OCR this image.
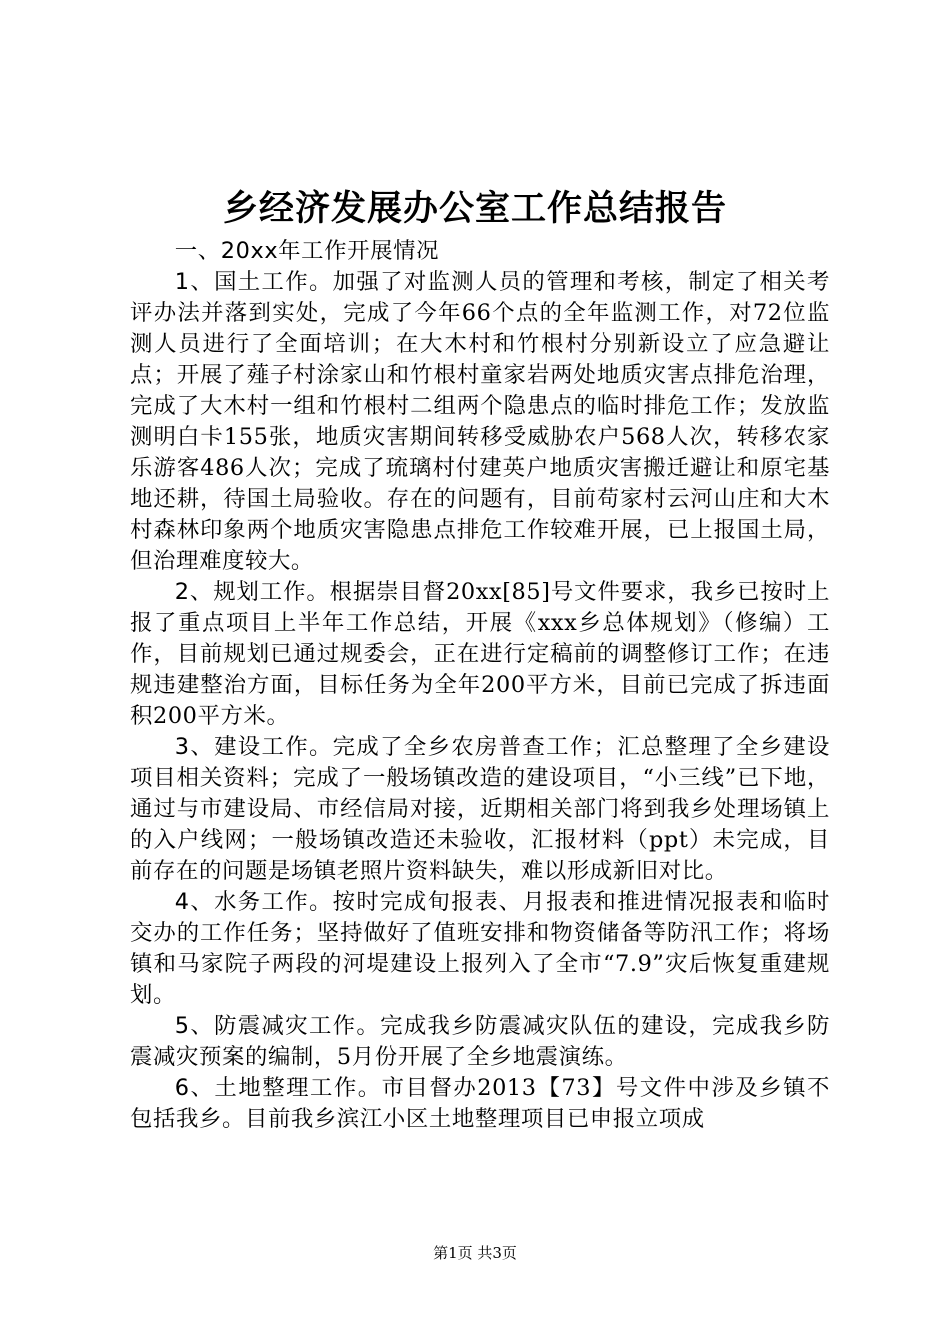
乡经济发展办公室工作总结报告

一、20xx年工作开展情况

1、国土工作。加强了对监测人员的管理和考核，制定了相关考评办法并落到实处，完成了今年66个点的全年监测工作，对72位监测人员进行了全面培训；在大木村和竹根村分别新设立了应急避让点；开展了薤子村涂家山和竹根村童家岩两处地质灾害点排危治理，完成了大木村一组和竹根村二组两个隐患点的临时排危工作；发放监测明白卡155张，地质灾害期间转移受威胁农户568人次，转移农家乐游客486人次；完成了琉璃村付建英户地质灾害搬迁避让和原宅基地还耕，待国土局验收。存在的问题有，目前苟家村云河山庄和大木村森林印象两个地质灾害隐患点排危工作较难开展，已上报国土局，但治理难度较大。

2、规划工作。根据崇目督20xx[85]号文件要求，我乡已按时上报了重点项目上半年工作总结，开展《xxx乡总体规划》（修编）工作，目前规划已通过规委会，正在进行定稿前的调整修订工作；在违规违建整治方面，目标任务为全年200平方米，目前已完成了拆违面积200平方米。

3、建设工作。完成了全乡农房普查工作；汇总整理了全乡建设项目相关资料；完成了一般场镇改造的建设项目，“小三线”已下地，通过与市建设局、市经信局对接，近期相关部门将到我乡处理场镇上的入户线网；一般场镇改造还未验收，汇报材料（ppt）未完成，目前存在的问题是场镇老照片资料缺失，难以形成新旧对比。

4、水务工作。按时完成旬报表、月报表和推进情况报表和临时交办的工作任务；坚持做好了值班安排和物资储备等防汛工作；将场镇和马家院子两段的河堤建设上报列入了全市“7.9”灾后恢复重建规划。

5、防震减灾工作。完成我乡防震减灾队伍的建设，完成我乡防震减灾预案的编制，5月份开展了全乡地震演练。

6、土地整理工作。市目督办2013【73】号文件中涉及乡镇不包括我乡。目前我乡滨江小区土地整理项目已申报立项成

第1页 共3页
